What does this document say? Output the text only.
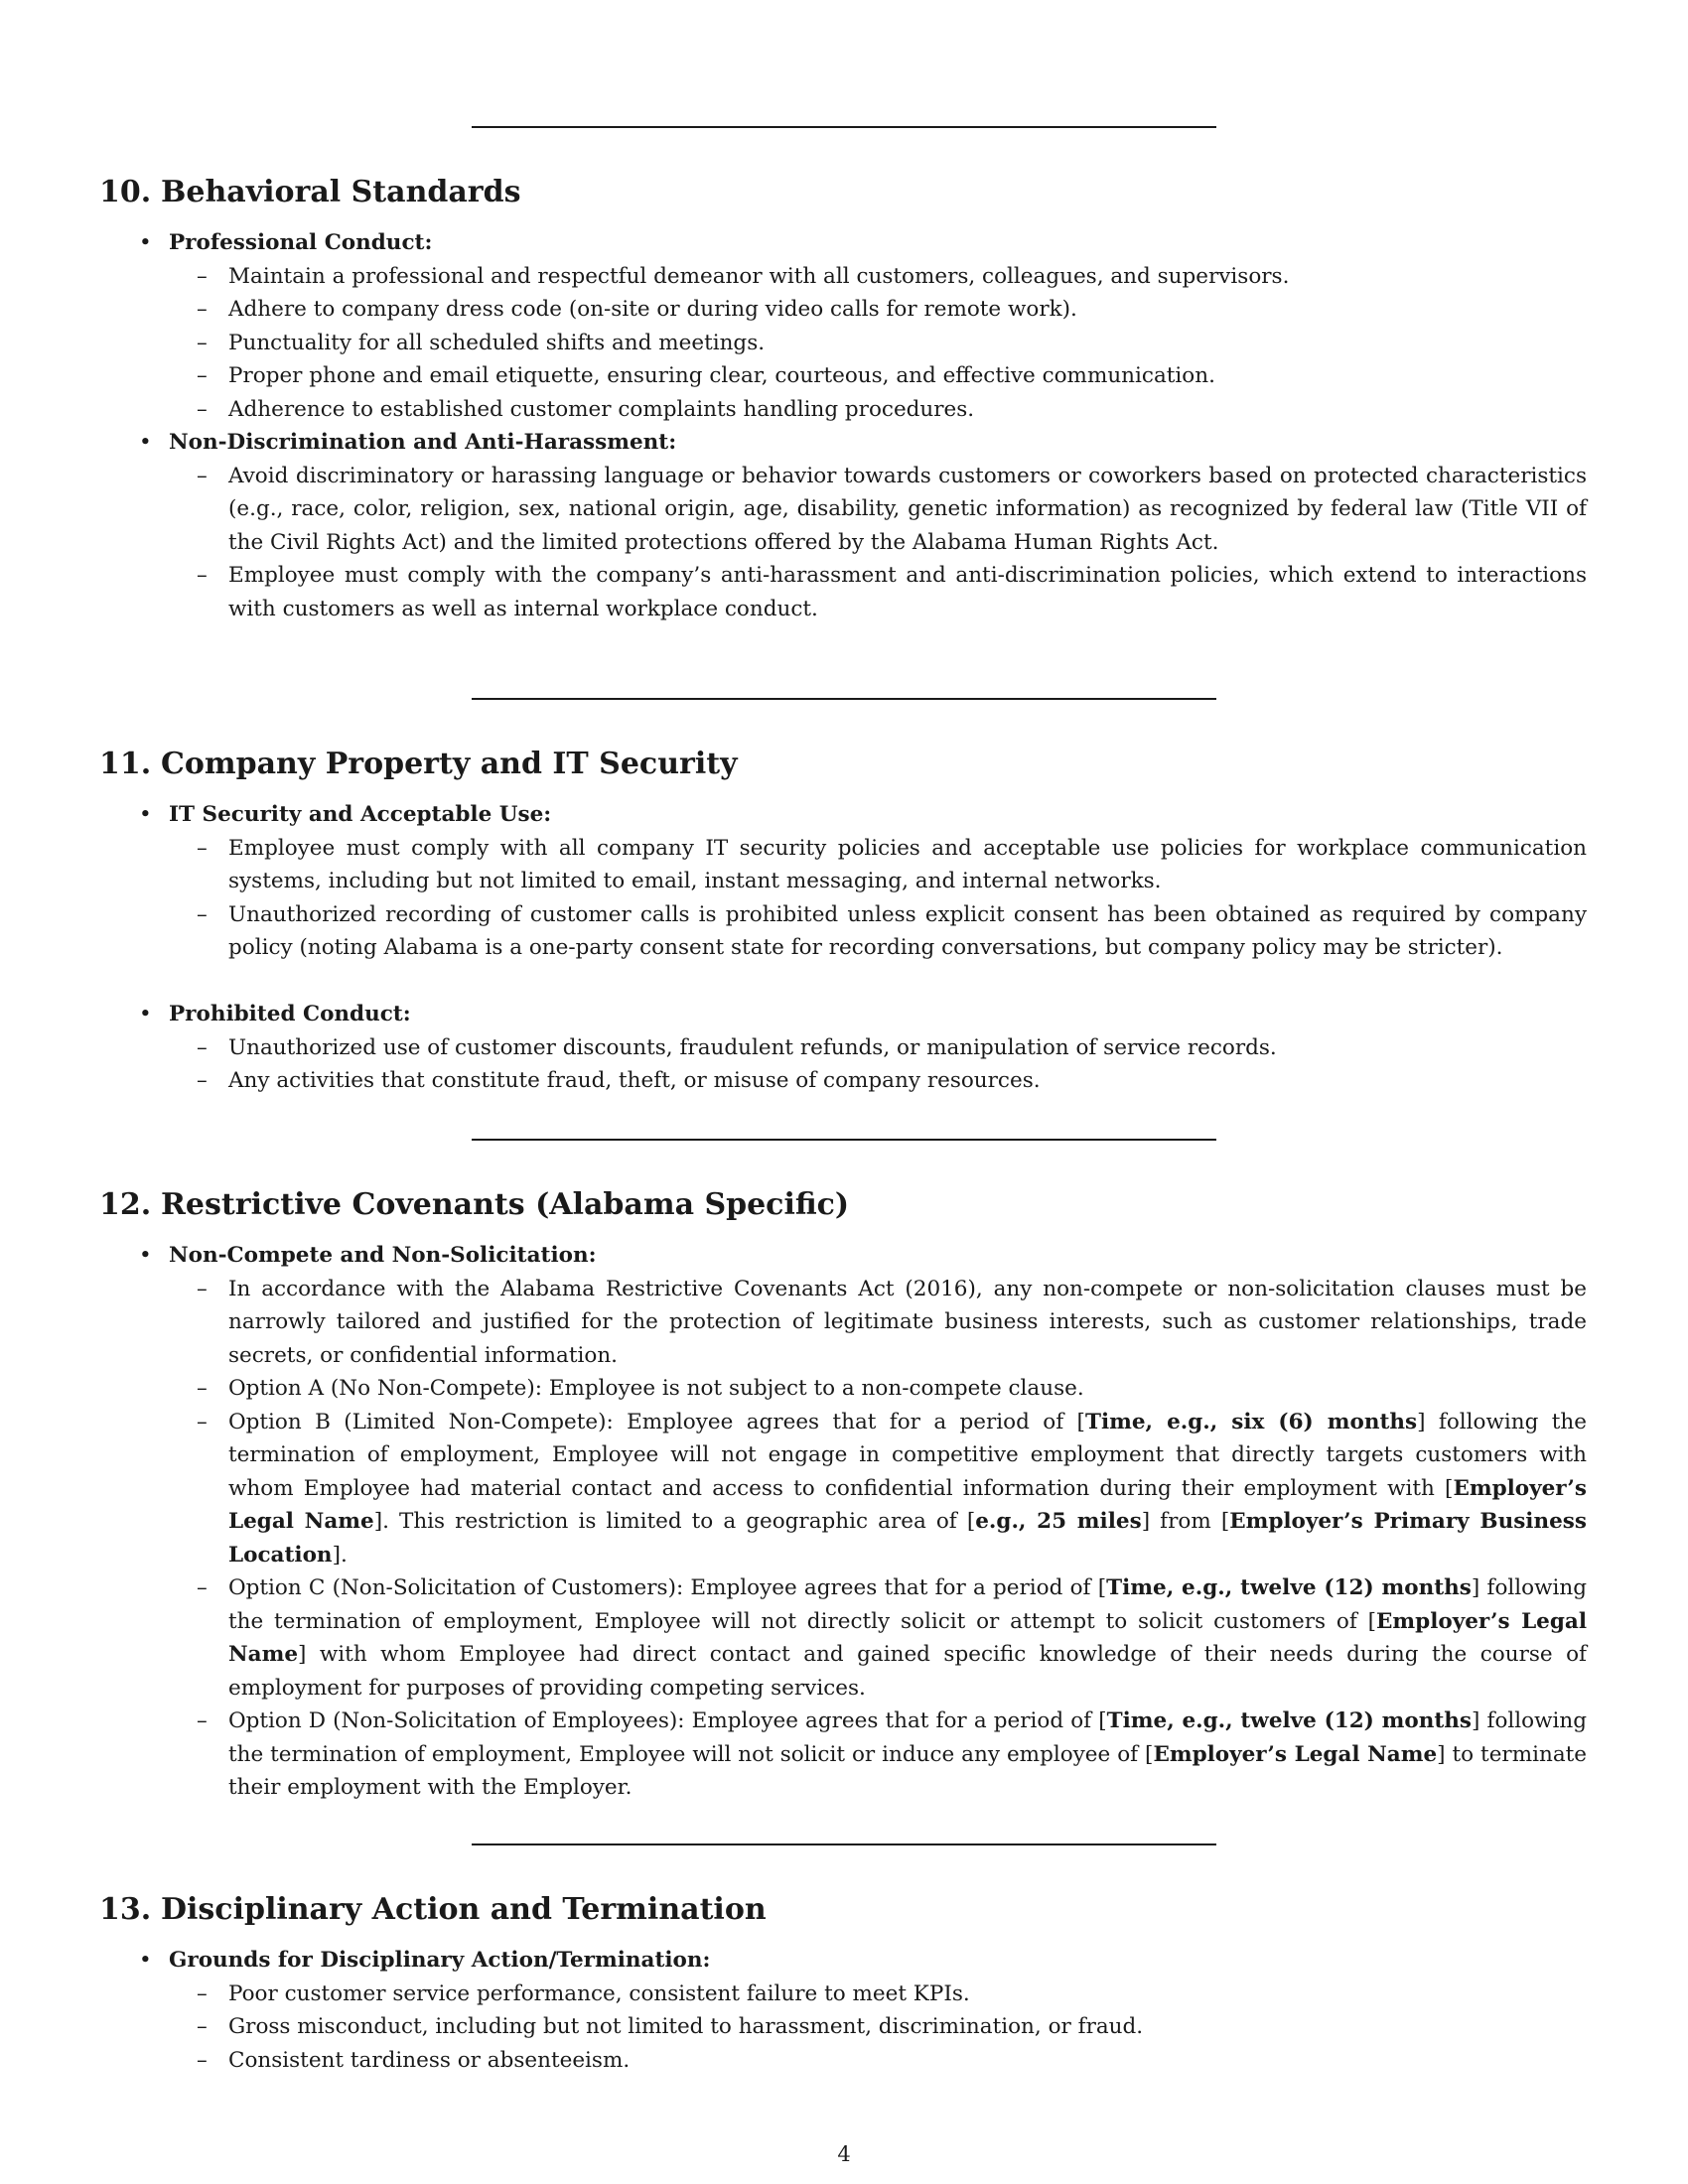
10. Behavioral Standards
• Professional Conduct:
– Maintain a professional and respectful demeanor with all customers, colleagues, and supervisors.
– Adhere to company dress code (on-site or during video calls for remote work).
– Punctuality for all scheduled shifts and meetings.
– Proper phone and email etiquette, ensuring clear, courteous, and effective communication.
– Adherence to established customer complaints handling procedures.
• Non-Discrimination and Anti-Harassment:
– Avoid discriminatory or harassing language or behavior towards customers or coworkers based on protected characteristics (e.g., race, color, religion, sex, national origin, age, disability, genetic information) as recognized by federal law (Title VII of the Civil Rights Act) and the limited protections offered by the Alabama Human Rights Act.
– Employee must comply with the company’s anti-harassment and anti-discrimination policies, which extend to interactions with customers as well as internal workplace conduct.
11. Company Property and IT Security
• IT Security and Acceptable Use:
– Employee must comply with all company IT security policies and acceptable use policies for workplace communication systems, including but not limited to email, instant messaging, and internal networks.
– Unauthorized recording of customer calls is prohibited unless explicit consent has been obtained as required by company policy (noting Alabama is a one-party consent state for recording conversations, but company policy may be stricter).
• Prohibited Conduct:
– Unauthorized use of customer discounts, fraudulent refunds, or manipulation of service records.
– Any activities that constitute fraud, theft, or misuse of company resources.
12. Restrictive Covenants (Alabama Specific)
• Non-Compete and Non-Solicitation:
– In accordance with the Alabama Restrictive Covenants Act (2016), any non-compete or non-solicitation clauses must be narrowly tailored and justified for the protection of legitimate business interests, such as customer relationships, trade secrets, or confidential information.
– Option A (No Non-Compete): Employee is not subject to a non-compete clause.
– Option B (Limited Non-Compete): Employee agrees that for a period of [Time, e.g., six (6) months] following the termination of employment, Employee will not engage in competitive employment that directly targets customers with whom Employee had material contact and access to confidential information during their employment with [Employer’s Legal Name]. This restriction is limited to a geographic area of [e.g., 25 miles] from [Employer’s Primary Business Location].
– Option C (Non-Solicitation of Customers): Employee agrees that for a period of [Time, e.g., twelve (12) months] following the termination of employment, Employee will not directly solicit or attempt to solicit customers of [Employer’s Legal Name] with whom Employee had direct contact and gained specific knowledge of their needs during the course of employment for purposes of providing competing services.
– Option D (Non-Solicitation of Employees): Employee agrees that for a period of [Time, e.g., twelve (12) months] following the termination of employment, Employee will not solicit or induce any employee of [Employer’s Legal Name] to terminate their employment with the Employer.
13. Disciplinary Action and Termination
• Grounds for Disciplinary Action/Termination:
– Poor customer service performance, consistent failure to meet KPIs.
– Gross misconduct, including but not limited to harassment, discrimination, or fraud.
– Consistent tardiness or absenteeism.
4
